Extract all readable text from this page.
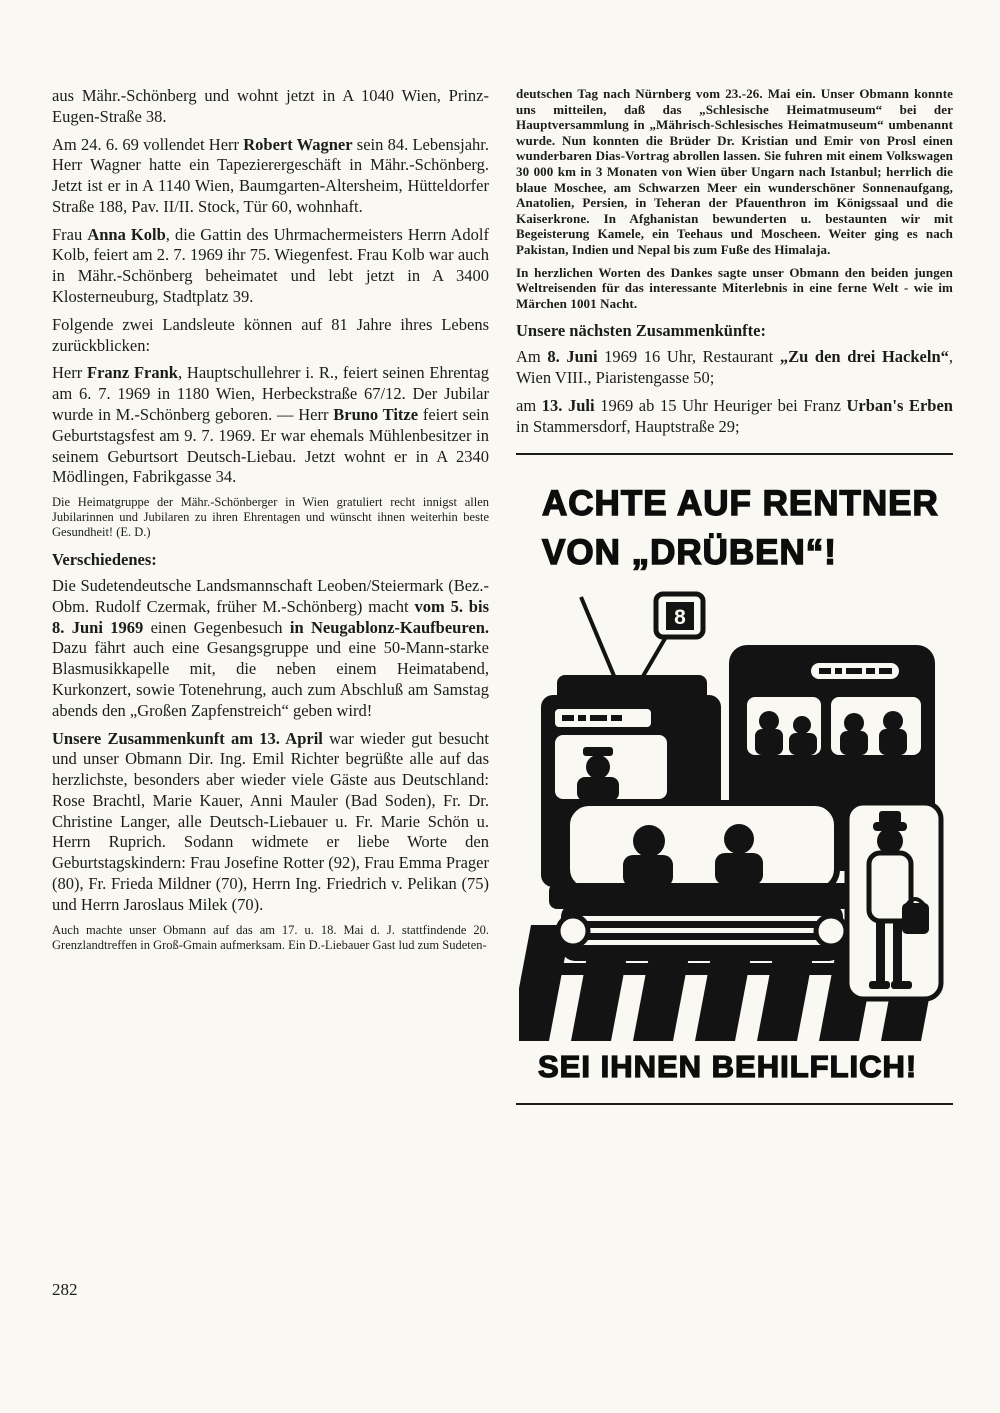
aus Mähr.-Schönberg und wohnt jetzt in A 1040 Wien, Prinz-Eugen-Straße 38.

Am 24. 6. 69 vollendet Herr Robert Wagner sein 84. Lebensjahr. Herr Wagner hatte ein Tapezierergeschäft in Mähr.-Schönberg. Jetzt ist er in A 1140 Wien, Baumgarten-Altersheim, Hütteldorfer Straße 188, Pav. II/II. Stock, Tür 60, wohnhaft.

Frau Anna Kolb, die Gattin des Uhrmachermeisters Herrn Adolf Kolb, feiert am 2. 7. 1969 ihr 75. Wiegenfest. Frau Kolb war auch in Mähr.-Schönberg beheimatet und lebt jetzt in A 3400 Klosterneuburg, Stadtplatz 39.

Folgende zwei Landsleute können auf 81 Jahre ihres Lebens zurückblicken:

Herr Franz Frank, Hauptschullehrer i. R., feiert seinen Ehrentag am 6. 7. 1969 in 1180 Wien, Herbeckstraße 67/12. Der Jubilar wurde in M.-Schönberg geboren. — Herr Bruno Titze feiert sein Geburtstagsfest am 9. 7. 1969. Er war ehemals Mühlenbesitzer in seinem Geburtsort Deutsch-Liebau. Jetzt wohnt er in A 2340 Mödlingen, Fabrikgasse 34.

Die Heimatgruppe der Mähr.-Schönberger in Wien gratuliert recht innigst allen Jubilarinnen und Jubilaren zu ihren Ehrentagen und wünscht ihnen weiterhin beste Gesundheit! (E. D.)

Verschiedenes:

Die Sudetendeutsche Landsmannschaft Leoben/Steiermark (Bez.-Obm. Rudolf Czermak, früher M.-Schönberg) macht vom 5. bis 8. Juni 1969 einen Gegenbesuch in Neugablonz-Kaufbeuren. Dazu fährt auch eine Gesangsgruppe und eine 50-Mann-starke Blasmusikkapelle mit, die neben einem Heimatabend, Kurkonzert, sowie Totenehrung, auch zum Abschluß am Samstag abends den „Großen Zapfenstreich“ geben wird!

Unsere Zusammenkunft am 13. April war wieder gut besucht und unser Obmann Dir. Ing. Emil Richter begrüßte alle auf das herzlichste, besonders aber wieder viele Gäste aus Deutschland: Rose Brachtl, Marie Kauer, Anni Mauler (Bad Soden), Fr. Dr. Christine Langer, alle Deutsch-Liebauer u. Fr. Marie Schön u. Herrn Ruprich. Sodann widmete er liebe Worte den Geburtstagskindern: Frau Josefine Rotter (92), Frau Emma Prager (80), Fr. Frieda Mildner (70), Herrn Ing. Friedrich v. Pelikan (75) und Herrn Jaroslaus Milek (70).

Auch machte unser Obmann auf das am 17. u. 18. Mai d. J. stattfindende 20. Grenzlandtreffen in Groß-Gmain aufmerksam. Ein D.-Liebauer Gast lud zum Sudeten-

deutschen Tag nach Nürnberg vom 23.-26. Mai ein. Unser Obmann konnte uns mitteilen, daß das „Schlesische Heimatmuseum“ bei der Hauptversammlung in „Mährisch-Schlesisches Heimatmuseum“ umbenannt wurde. Nun konnten die Brüder Dr. Kristian und Emir von Prosl einen wunderbaren Dias-Vortrag abrollen lassen. Sie fuhren mit einem Volkswagen 30 000 km in 3 Monaten von Wien über Ungarn nach Istanbul; herrlich die blaue Moschee, am Schwarzen Meer ein wunderschöner Sonnenaufgang, Anatolien, Persien, in Teheran der Pfauenthron im Königssaal und die Kaiserkrone. In Afghanistan bewunderten u. bestaunten wir mit Begeisterung Kamele, ein Teehaus und Moscheen. Weiter ging es nach Pakistan, Indien und Nepal bis zum Fuße des Himalaja.

In herzlichen Worten des Dankes sagte unser Obmann den beiden jungen Weltreisenden für das interessante Miterlebnis in eine ferne Welt - wie im Märchen 1001 Nacht.

Unsere nächsten Zusammenkünfte:

Am 8. Juni 1969 16 Uhr, Restaurant „Zu den drei Hackeln“, Wien VIII., Piaristengasse 50;

am 13. Juli 1969 ab 15 Uhr Heuriger bei Franz Urban's Erben in Stammersdorf, Hauptstraße 29;

ACHTE AUF RENTNER
VON „DRÜBEN“!
8
SEI IHNEN BEHILFLICH!
282
